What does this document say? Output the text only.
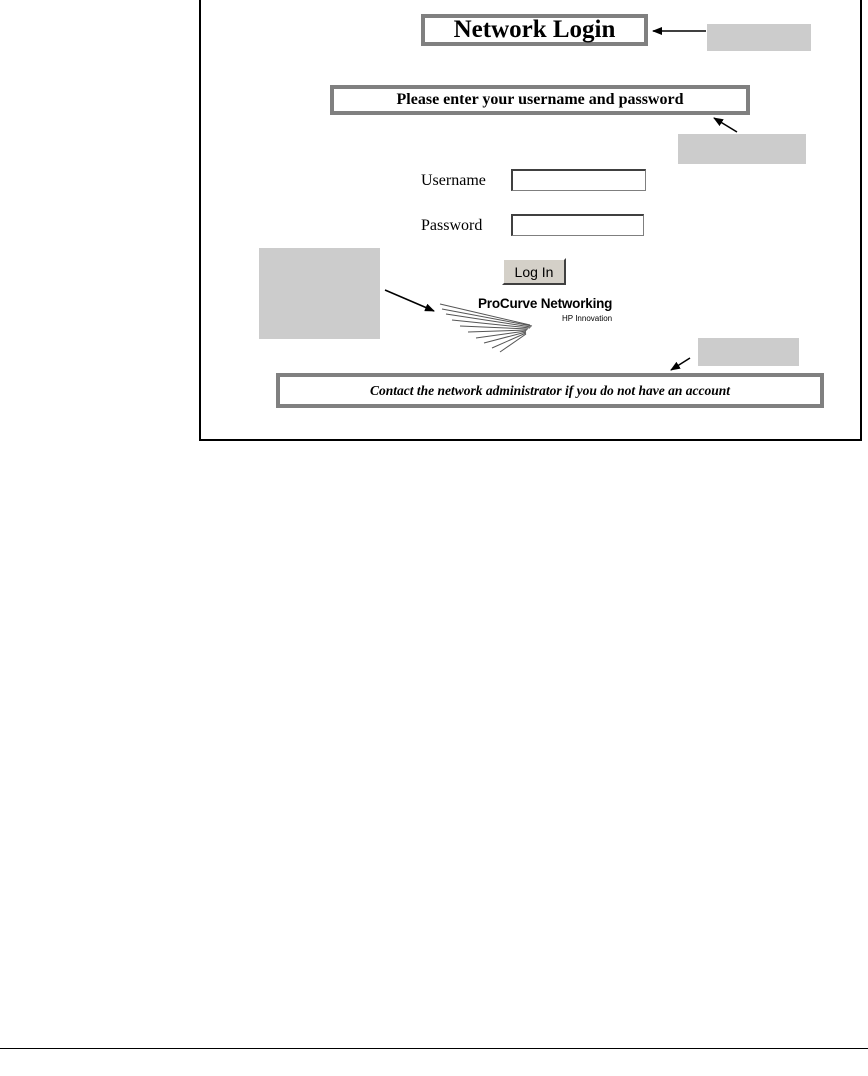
Network Login
Please enter your username and password
Username
Password
Log In
ProCurve Networking
HP Innovation
Contact the network administrator if you do not have an account
